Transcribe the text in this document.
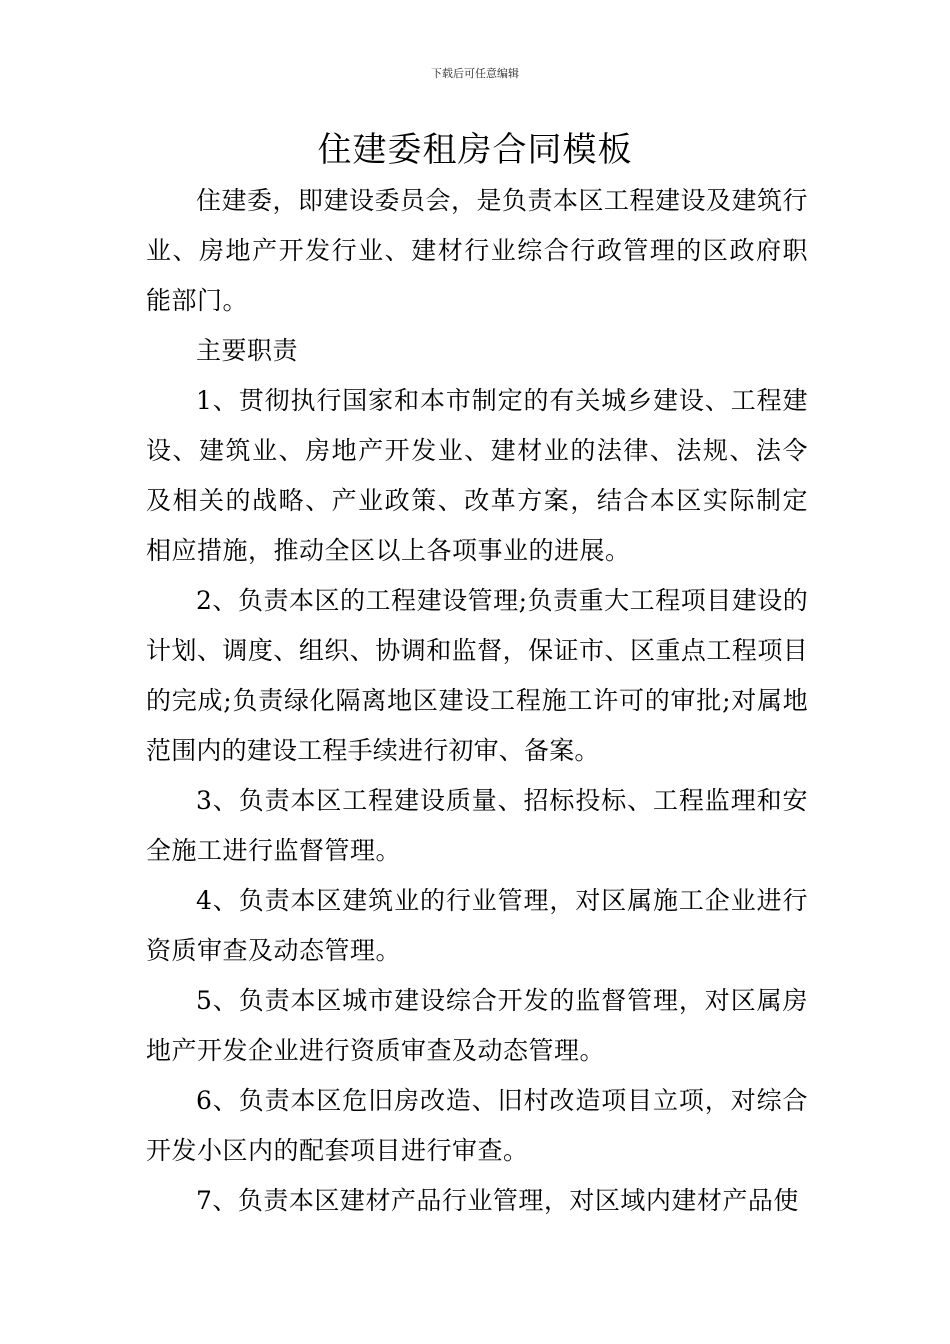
下载后可任意编辑
住建委租房合同模板

住建委，即建设委员会，是负责本区工程建设及建筑行业、房地产开发行业、建材行业综合行政管理的区政府职能部门。

主要职责

1、贯彻执行国家和本市制定的有关城乡建设、工程建设、建筑业、房地产开发业、建材业的法律、法规、法令及相关的战略、产业政策、改革方案，结合本区实际制定相应措施，推动全区以上各项事业的进展。

2、负责本区的工程建设管理;负责重大工程项目建设的计划、调度、组织、协调和监督，保证市、区重点工程项目的完成;负责绿化隔离地区建设工程施工许可的审批;对属地范围内的建设工程手续进行初审、备案。

3、负责本区工程建设质量、招标投标、工程监理和安全施工进行监督管理。

4、负责本区建筑业的行业管理，对区属施工企业进行资质审查及动态管理。

5、负责本区城市建设综合开发的监督管理，对区属房地产开发企业进行资质审查及动态管理。

6、负责本区危旧房改造、旧村改造项目立项，对综合开发小区内的配套项目进行审查。

7、负责本区建材产品行业管理，对区域内建材产品使
